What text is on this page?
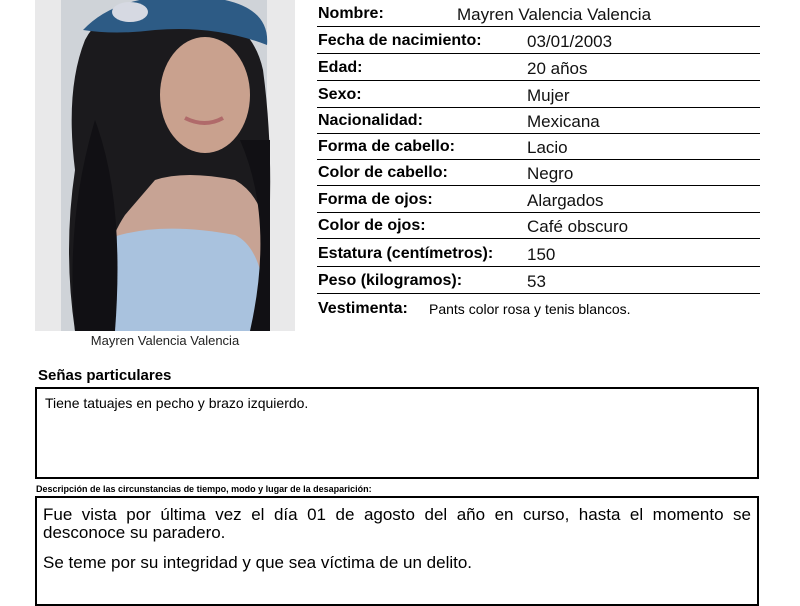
Mayren Valencia Valencia
Nombre:	Mayren Valencia Valencia
Fecha de nacimiento:	03/01/2003
Edad:	20 años
Sexo:	Mujer
Nacionalidad:	Mexicana
Forma de cabello:	Lacio
Color de cabello:	Negro
Forma de ojos:	Alargados
Color de ojos:	Café obscuro
Estatura (centímetros): 150
Peso (kilogramos):	53
Vestimenta: Pants color rosa y tenis blancos.
Señas particulares
Tiene tatuajes en pecho y brazo izquierdo.
Descripción de las circunstancias de tiempo, modo y lugar de la desaparición:

Fue vista por última vez el día 01 de agosto del año en curso, hasta el momento se desconoce su paradero.

Se teme por su integridad y que sea víctima de un delito.
